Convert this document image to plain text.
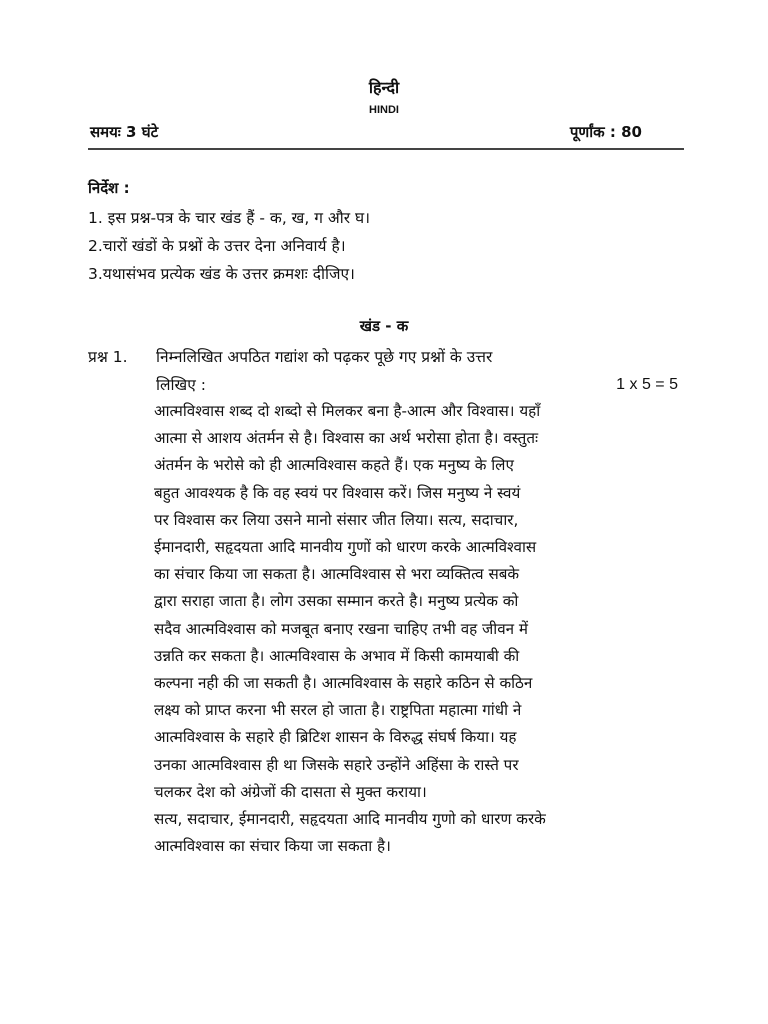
हिन्दी
HINDI
समयः 3 घंटे	पूर्णांक : 80
निर्देश :
1. इस प्रश्न-पत्र के चार खंड हैं - क, ख, ग और घ।
2.चारों खंडों के प्रश्नों के उत्तर देना अनिवार्य है।
3.यथासंभव प्रत्येक खंड के उत्तर क्रमशः दीजिए।
खंड - क
प्रश्न 1. निम्नलिखित अपठित गद्यांश को पढ़कर पूछे गए प्रश्नों के उत्तर
लिखिए :	1 x 5 = 5
आत्मविश्वास शब्द दो शब्दो से मिलकर बना है-आत्म और विश्वास। यहाँ
आत्मा से आशय अंतर्मन से है। विश्वास का अर्थ भरोसा होता है। वस्तुतः
अंतर्मन के भरोसे को ही आत्मविश्वास कहते हैं। एक मनुष्य के लिए
बहुत आवश्यक है कि वह स्वयं पर विश्वास करें। जिस मनुष्य ने स्वयं
पर विश्वास कर लिया उसने मानो संसार जीत लिया। सत्य, सदाचार,
ईमानदारी, सहृदयता आदि मानवीय गुणों को धारण करके आत्मविश्वास
का संचार किया जा सकता है। आत्मविश्वास से भरा व्यक्तित्व सबके
द्वारा सराहा जाता है। लोग उसका सम्मान करते है। मनुष्य प्रत्येक को
सदैव आत्मविश्वास को मजबूत बनाए रखना चाहिए तभी वह जीवन में
उन्नति कर सकता है। आत्मविश्वास के अभाव में किसी कामयाबी की
कल्पना नही की जा सकती है। आत्मविश्वास के सहारे कठिन से कठिन
लक्ष्य को प्राप्त करना भी सरल हो जाता है। राष्ट्रपिता महात्मा गांधी ने
आत्मविश्वास के सहारे ही ब्रिटिश शासन के विरुद्ध संघर्ष किया। यह
उनका आत्मविश्वास ही था जिसके सहारे उन्होंने अहिंसा के रास्ते पर
चलकर देश को अंग्रेजों की दासता से मुक्त कराया।
सत्य, सदाचार, ईमानदारी, सहृदयता आदि मानवीय गुणो को धारण करके
आत्मविश्वास का संचार किया जा सकता है।
